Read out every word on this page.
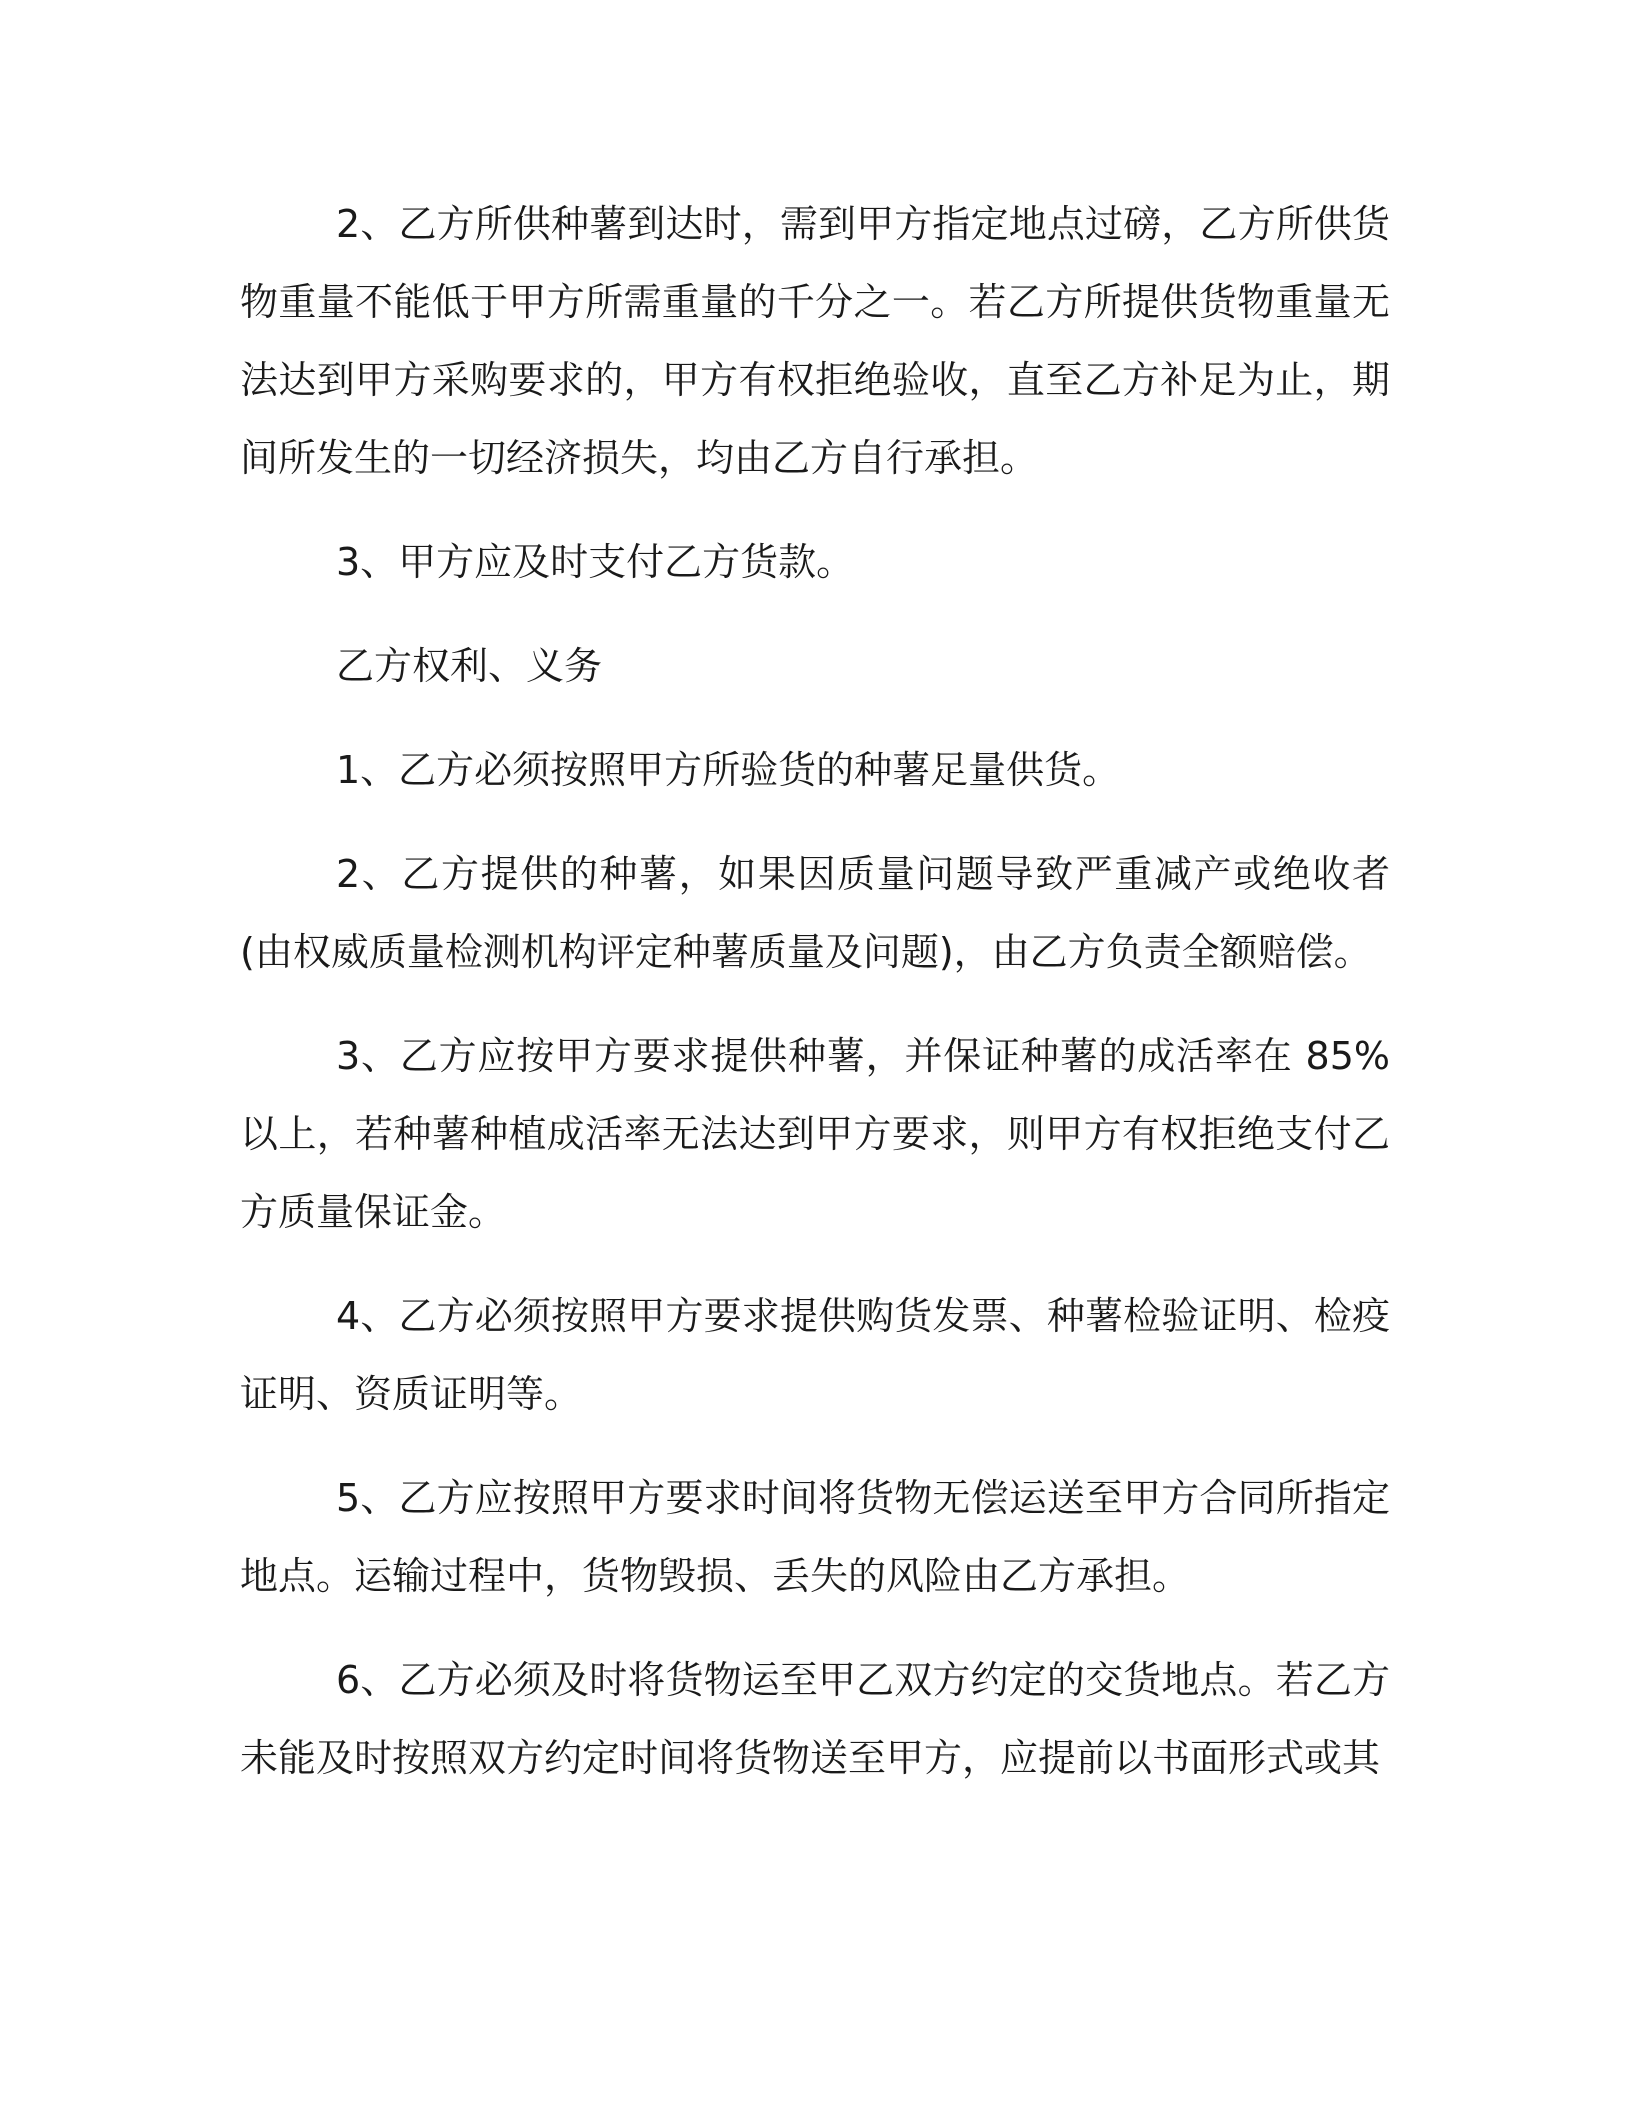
2、乙方所供种薯到达时，需到甲方指定地点过磅，乙方所供货物重量不能低于甲方所需重量的千分之一。若乙方所提供货物重量无法达到甲方采购要求的，甲方有权拒绝验收，直至乙方补足为止，期间所发生的一切经济损失，均由乙方自行承担。

3、甲方应及时支付乙方货款。

乙方权利、义务

1、乙方必须按照甲方所验货的种薯足量供货。

2、乙方提供的种薯，如果因质量问题导致严重减产或绝收者(由权威质量检测机构评定种薯质量及问题)，由乙方负责全额赔偿。

3、乙方应按甲方要求提供种薯，并保证种薯的成活率在 85%以上，若种薯种植成活率无法达到甲方要求，则甲方有权拒绝支付乙方质量保证金。

4、乙方必须按照甲方要求提供购货发票、种薯检验证明、检疫证明、资质证明等。

5、乙方应按照甲方要求时间将货物无偿运送至甲方合同所指定地点。运输过程中，货物毁损、丢失的风险由乙方承担。

6、乙方必须及时将货物运至甲乙双方约定的交货地点。若乙方未能及时按照双方约定时间将货物送至甲方，应提前以书面形式或其
